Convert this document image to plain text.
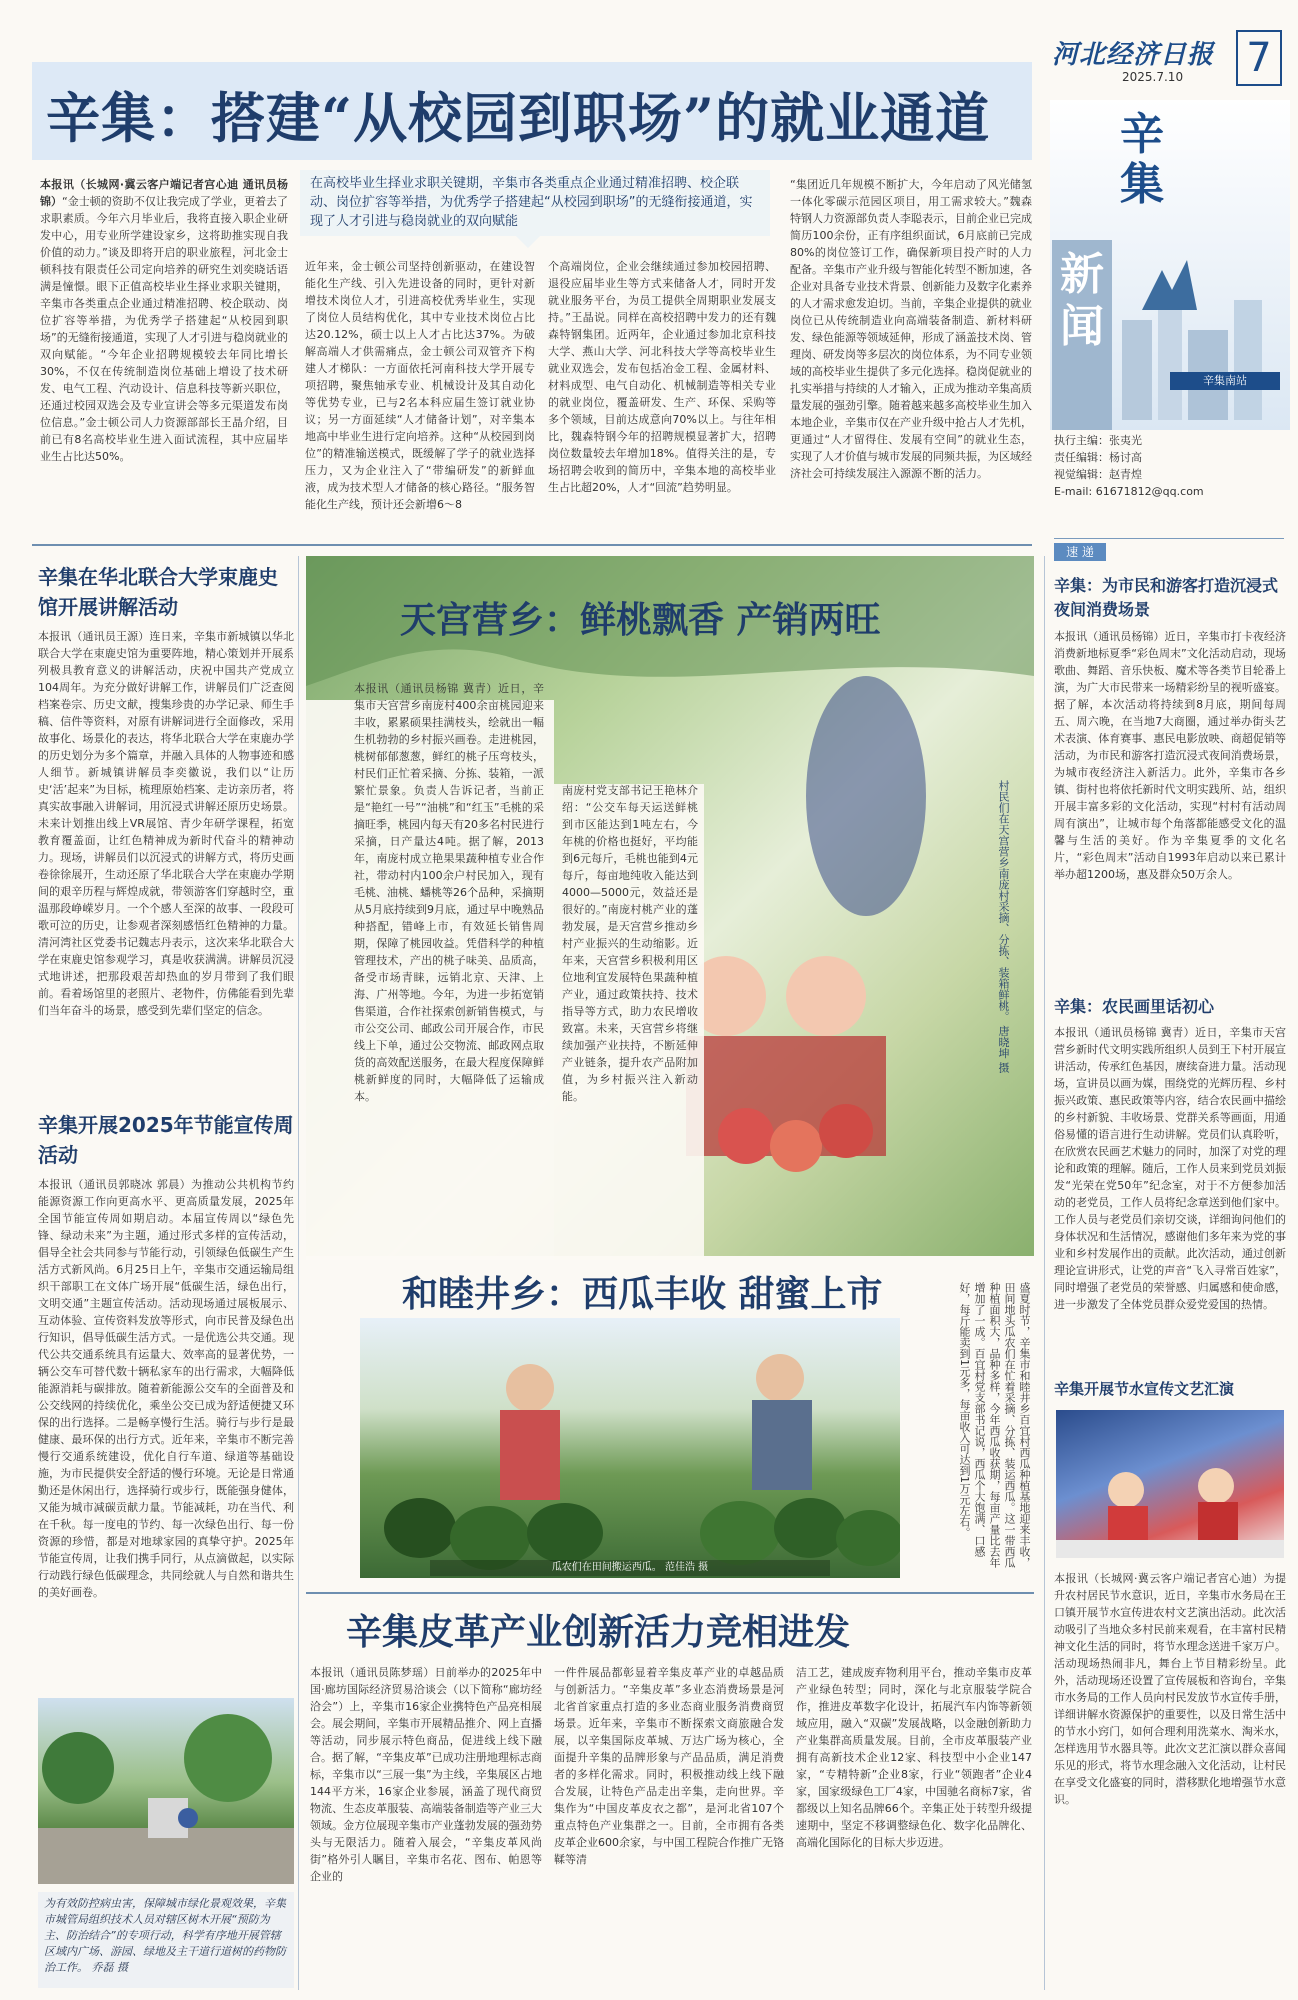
河北经济日报
2025.7.10 7
辛集：搭建“从校园到职场”的就业通道
在高校毕业生择业求职关键期，辛集市各类重点企业通过精准招聘、校企联动、岗位扩容等举措，为优秀学子搭建起“从校园到职场”的无缝衔接通道，实现了人才引进与稳岗就业的双向赋能
本报讯（长城网·冀云客户端记者宫心迪 通讯员杨锦）“金士顿的资助不仅让我完成了学业，更着去了求职素质。今年六月毕业后，我将直接入职企业研发中心，用专业所学建设家乡，这将助推实现自我价值的动力。”谈及即将开启的职业旅程，河北金士顿科技有限责任公司定向培养的研究生刘奕晓话语满是憧憬。眼下正值高校毕业生择业求职关键期，辛集市各类重点企业通过精准招聘、校企联动、岗位扩容等举措，为优秀学子搭建起“从校园到职场”的无缝衔接通道，实现了人才引进与稳岗就业的双向赋能。“今年企业招聘规模较去年同比增长30%，不仅在传统制造岗位基础上增设了技术研发、电气工程、汽动设计、信息科技等新兴职位，还通过校园双选会及专业宣讲会等多元渠道发布岗位信息。”金士顿公司人力资源部部长王晶介绍，目前已有8名高校毕业生进入面试流程，其中应届毕业生占比达50%。
近年来，金士顿公司坚持创新驱动，在建设智能化生产线、引入先进设备的同时，更针对新增技术岗位人才，引进高校优秀毕业生，实现了岗位人员结构优化，其中专业技术岗位占比达20.12%，硕士以上人才占比达37%。为破解高端人才供需痛点，金士顿公司双管齐下构建人才梯队：一方面依托河南科技大学开展专项招聘，聚焦轴承专业、机械设计及其自动化等优势专业，已与2名本科应届生签订就业协议；另一方面延续“人才储备计划”，对辛集本地高中毕业生进行定向培养。这种“从校园到岗位”的精准输送模式，既缓解了学子的就业选择压力，又为企业注入了“带编研发”的新鲜血液，成为技术型人才储备的核心路径。“服务智能化生产线，预计还会新增6～8
个高端岗位，企业会继续通过参加校园招聘、退役应届毕业生等方式来储备人才，同时开发就业服务平台，为员工提供全周期职业发展支持。”王晶说。同样在高校招聘中发力的还有魏森特钢集团。近两年，企业通过参加北京科技大学、燕山大学、河北科技大学等高校毕业生就业双选会，发布包括冶金工程、金属材料、材料成型、电气自动化、机械制造等相关专业的就业岗位，覆盖研发、生产、环保、采购等多个领域，目前达成意向70%以上。与往年相比，魏森特钢今年的招聘规模显著扩大，招聘岗位数量较去年增加18%。值得关注的是，专场招聘会收到的简历中，辛集本地的高校毕业生占比超20%，人才“回流”趋势明显。
“集团近几年规模不断扩大，今年启动了风光储氢一体化零碳示范园区项目，用工需求较大。”魏森特钢人力资源部负责人李聪表示，目前企业已完成简历100余份，正有序组织面试，6月底前已完成80%的岗位签订工作，确保新项目投产时的人力配备。辛集市产业升级与智能化转型不断加速，各企业对具备专业技术背景、创新能力及数字化素养的人才需求愈发迫切。当前，辛集企业提供的就业岗位已从传统制造业向高端装备制造、新材料研发、绿色能源等领域延伸，形成了涵盖技术岗、管理岗、研发岗等多层次的岗位体系，为不同专业领域的高校毕业生提供了多元化选择。稳岗促就业的扎实举措与持续的人才输入，正成为推动辛集高质量发展的强劲引擎。随着越来越多高校毕业生加入本地企业，辛集市仅在产业升级中抢占人才先机，更通过“人才留得住、发展有空间”的就业生态，实现了人才价值与城市发展的同频共振，为区域经济社会可持续发展注入源源不断的活力。
辛
集
新
闻
辛集南站
执行主编：张夷光
责任编辑：杨讨高
视觉编辑：赵青煌
E-mail: 61671812@qq.com
速 递
辛集：为市民和游客打造沉浸式夜间消费场景
本报讯（通讯员杨锦）近日，辛集市打卡夜经济消费新地标夏季“彩色周末”文化活动启动，现场歌曲、舞蹈、音乐快板、魔术等各类节目轮番上演，为广大市民带来一场精彩纷呈的视听盛宴。据了解，本次活动将持续到8月底，期间每周五、周六晚，在当地7大商圈，通过举办街头艺术表演、体育赛事、惠民电影放映、商超促销等活动，为市民和游客打造沉浸式夜间消费场景，为城市夜经济注入新活力。此外，辛集市各乡镇、街村也将依托新时代文明实践所、站，组织开展丰富多彩的文化活动，实现“村村有活动周周有演出”，让城市每个角落都能感受文化的温馨与生活的美好。作为辛集夏季的文化名片，“彩色周末”活动自1993年启动以来已累计举办超1200场，惠及群众50万余人。
辛集：农民画里话初心
本报讯（通讯员杨锦 冀青）近日，辛集市天宫营乡新时代文明实践所组织人员到王下村开展宣讲活动，传承红色基因，赓续奋进力量。活动现场，宣讲员以画为媒，围绕党的光辉历程、乡村振兴政策、惠民政策等内容，结合农民画中描绘的乡村新貌、丰收场景、党群关系等画面，用通俗易懂的语言进行生动讲解。党员们认真聆听，在欣赏农民画艺术魅力的同时，加深了对党的理论和政策的理解。随后，工作人员来到党员刘振发“光荣在党50年”纪念室，对于不方便参加活动的老党员，工作人员将纪念章送到他们家中。工作人员与老党员们亲切交谈，详细询问他们的身体状况和生活情况，感谢他们多年来为党的事业和乡村发展作出的贡献。此次活动，通过创新理论宣讲形式，让党的声音“飞入寻常百姓家”，同时增强了老党员的荣誉感、归属感和使命感，进一步激发了全体党员群众爱党爱国的热情。
辛集开展节水宣传文艺汇演
本报讯（长城网·冀云客户端记者宫心迪）为提升农村居民节水意识，近日，辛集市水务局在王口镇开展节水宣传进农村文艺演出活动。此次活动吸引了当地众多村民前来观看，在丰富村民精神文化生活的同时，将节水理念送进千家万户。活动现场热闹非凡，舞台上节目精彩纷呈。此外，活动现场还设置了宣传展板和咨询台，辛集市水务局的工作人员向村民发放节水宣传手册，详细讲解水资源保护的重要性，以及日常生活中的节水小窍门，如何合理利用洗菜水、淘米水，怎样选用节水器具等。此次文艺汇演以群众喜闻乐见的形式，将节水理念融入文化活动，让村民在享受文化盛宴的同时，潜移默化地增强节水意识。
辛集在华北联合大学束鹿史馆开展讲解活动
本报讯（通讯员王源）连日来，辛集市新城镇以华北联合大学在束鹿史馆为重要阵地，精心策划并开展系列极具教育意义的讲解活动，庆祝中国共产党成立104周年。为充分做好讲解工作，讲解员们广泛查阅档案卷宗、历史文献，搜集珍贵的办学记录、师生手稿、信件等资料，对原有讲解词进行全面修改，采用故事化、场景化的表达，将华北联合大学在束鹿办学的历史划分为多个篇章，并融入具体的人物事迹和感人细节。新城镇讲解员李奕徽说，我们以“让历史‘活’起来”为目标，梳理原始档案、走访亲历者，将真实故事融入讲解词，用沉浸式讲解还原历史场景。未来计划推出线上VR展馆、青少年研学课程，拓宽教育覆盖面，让红色精神成为新时代奋斗的精神动力。现场，讲解员们以沉浸式的讲解方式，将历史画卷徐徐展开，生动还原了华北联合大学在束鹿办学期间的艰辛历程与辉煌成就，带领游客们穿越时空，重温那段峥嵘岁月。一个个感人至深的故事、一段段可歌可泣的历史，让参观者深刻感悟红色精神的力量。清河湾社区党委书记魏志丹表示，这次来华北联合大学在束鹿史馆参观学习，真是收获满满。讲解员沉浸式地讲述，把那段艰苦却热血的岁月带到了我们眼前。看着场馆里的老照片、老物件，仿佛能看到先辈们当年奋斗的场景，感受到先辈们坚定的信念。
辛集开展2025年节能宣传周活动
本报讯（通讯员郭晓冰 郭晨）为推动公共机构节约能源资源工作向更高水平、更高质量发展，2025年全国节能宣传周如期启动。本届宣传周以“绿色先锋、绿动未来”为主题，通过形式多样的宣传活动，倡导全社会共同参与节能行动，引领绿色低碳生产生活方式新风尚。6月25日上午，辛集市交通运输局组织干部职工在文体广场开展“低碳生活，绿色出行，文明交通”主题宣传活动。活动现场通过展板展示、互动体验、宣传资料发放等形式，向市民普及绿色出行知识，倡导低碳生活方式。一是优选公共交通。现代公共交通系统具有运量大、效率高的显著优势，一辆公交车可替代数十辆私家车的出行需求，大幅降低能源消耗与碳排放。随着新能源公交车的全面普及和公交线网的持续优化，乘坐公交已成为舒适便捷又环保的出行选择。二是畅享慢行生活。骑行与步行是最健康、最环保的出行方式。近年来，辛集市不断完善慢行交通系统建设，优化自行车道、绿道等基础设施，为市民提供安全舒适的慢行环境。无论是日常通勤还是休闲出行，选择骑行或步行，既能强身健体，又能为城市减碳贡献力量。节能减耗，功在当代、利在千秋。每一度电的节约、每一次绿色出行、每一份资源的珍惜，都是对地球家园的真挚守护。2025年节能宣传周，让我们携手同行，从点滴做起，以实际行动践行绿色低碳理念，共同绘就人与自然和谐共生的美好画卷。
为有效防控病虫害，保障城市绿化景观效果，辛集市城管局组织技术人员对辖区树木开展“预防为主、防治结合”的专项行动，科学有序地开展管辖区域内广场、游园、绿地及主干道行道树的药物防治工作。 乔磊 摄
天宫营乡：鲜桃飘香 产销两旺
本报讯（通讯员杨锦 冀青）近日，辛集市天宫营乡南庞村400余亩桃园迎来丰收，累累硕果挂满枝头，绘就出一幅生机勃勃的乡村振兴画卷。走进桃园，桃树郁郁葱葱，鲜红的桃子压弯枝头，村民们正忙着采摘、分拣、装箱，一派繁忙景象。负责人告诉记者，当前正是“艳红一号”“油桃”和“红玉”毛桃的采摘旺季，桃园内每天有20多名村民进行采摘，日产量达4吨。据了解，2013年，南庞村成立艳果果蔬种植专业合作社，带动村内100余户村民加入，现有毛桃、油桃、蟠桃等26个品种，采摘期从5月底持续到9月底，通过早中晚熟品种搭配，错峰上市，有效延长销售周期，保障了桃园收益。凭借科学的种植管理技术，产出的桃子味美、品质高，备受市场青睐，远销北京、天津、上海、广州等地。今年，为进一步拓宽销售渠道，合作社探索创新销售模式，与市公交公司、邮政公司开展合作，市民线上下单，通过公交物流、邮政网点取货的高效配送服务，在最大程度保障鲜桃新鲜度的同时，大幅降低了运输成本。
南庞村党支部书记王艳林介绍：“公交车每天运送鲜桃到市区能达到1吨左右，今年桃的价格也挺好，平均能到6元每斤，毛桃也能到4元每斤，每亩地纯收入能达到4000—5000元，效益还是很好的。”南庞村桃产业的蓬勃发展，是天宫营乡推动乡村产业振兴的生动缩影。近年来，天宫营乡积极利用区位地利宜发展特色果蔬种植产业，通过政策扶持、技术指导等方式，助力农民增收致富。未来，天宫营乡将继续加强产业扶持，不断延伸产业链条，提升农产品附加值，为乡村振兴注入新动能。
村民们在天宫营乡南庞村采摘、分拣、装箱鲜桃。 唐晓坤 摄
和睦井乡：西瓜丰收 甜蜜上市
瓜农们在田间搬运西瓜。 范佳浩 摄	盛夏时节，辛集市和睦井乡百宜村西瓜种植基地迎来丰收，田间地头瓜农们在忙着采摘、分拣、装运西瓜。这一带西瓜种植面积大，品种多样，今年西瓜收获期，每亩产量比去年增加了一成。百宜村党支部书记说，西瓜个大饱满、口感好，每斤能卖到1元多，每亩收入可达到1万元左右。
辛集皮革产业创新活力竞相进发
本报讯（通讯员陈梦瑶）日前举办的2025年中国·廊坊国际经济贸易洽谈会（以下简称“廊坊经洽会”）上，辛集市16家企业携特色产品亮相展会。展会期间，辛集市开展精品推介、网上直播等活动，同步展示特色商品，促进线上线下融合。据了解，“辛集皮革”已成功注册地理标志商标，辛集市以“三展一集”为主线，辛集展区占地144平方米，16家企业参展，涵盖了现代商贸物流、生态皮革服装、高端装备制造等产业三大领域。金方位展现辛集市产业蓬勃发展的强劲势头与无限活力。随着入展会，“辛集皮革风尚街”格外引人瞩目，辛集市名花、图布、帕恩等企业的
一件件展品都彰显着辛集皮革产业的卓越品质与创新活力。“辛集皮革”多业态消费场景是河北省首家重点打造的多业态商业服务消费商贸场景。近年来，辛集市不断探索文商旅融合发展，以辛集国际皮革城、万达广场为核心，全面提升辛集的品牌形象与产品品质，满足消费者的多样化需求。同时，积极推动线上线下融合发展，让特色产品走出辛集，走向世界。辛集作为“中国皮革皮衣之都”，是河北省107个重点特色产业集群之一。目前，全市拥有各类皮革企业600余家，与中国工程院合作推广无铬鞣等清
洁工艺，建成废弃物利用平台，推动辛集市皮革产业绿色转型；同时，深化与北京服装学院合作，推进皮革数字化设计，拓展汽车内饰等新领域应用，融入“双碳”发展战略，以金融创新助力产业集群高质量发展。目前，全市皮革服装产业拥有高新技术企业12家、科技型中小企业147家，“专精特新”企业8家，行业“领跑者”企业4家，国家级绿色工厂4家，中国驰名商标7家，省都级以上知名品牌66个。辛集正处于转型升级提速期中，坚定不移调整绿色化、数字化品牌化、高端化国际化的目标大步迈进。
